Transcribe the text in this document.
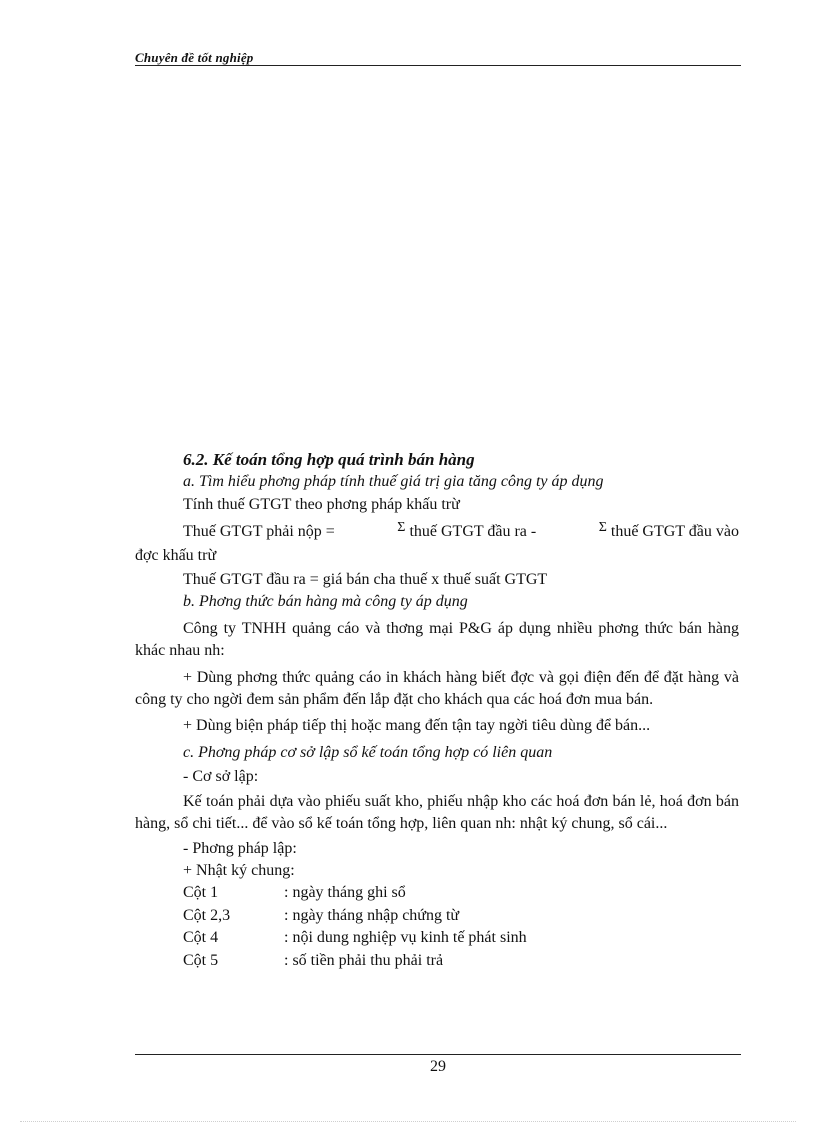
Chuyên đề tốt nghiệp

6.2. Kế toán tổng hợp quá trình bán hàng

a. Tìm hiểu phơng pháp tính thuế giá trị gia tăng công ty áp dụng

Tính thuế GTGT theo phơng pháp khấu trừ

Thuế GTGT phải nộp =	Σ thuế GTGT đầu ra -	Σ thuế GTGT đầu vào

đợc khấu trừ

Thuế GTGT đầu ra = giá bán cha thuế x thuế suất GTGT

b. Phơng thức bán hàng mà công ty áp dụng

Công ty TNHH quảng cáo và thơng mại P&G áp dụng nhiều phơng thức bán hàng khác nhau nh:

+ Dùng phơng thức quảng cáo in khách hàng biết đợc và gọi điện đến để đặt hàng và công ty cho ngời đem sản phẩm đến lắp đặt cho khách qua các hoá đơn mua bán.

+ Dùng biện pháp tiếp thị hoặc mang đến tận tay ngời tiêu dùng để bán...

c. Phơng pháp cơ sở lập sổ kế toán tổng hợp có liên quan

- Cơ sở lập:

Kế toán phải dựa vào phiếu suất kho, phiếu nhập kho các hoá đơn bán lẻ, hoá đơn bán hàng, sổ chi tiết... để vào sổ kế toán tổng hợp, liên quan nh: nhật ký chung, sổ cái...

- Phơng pháp lập:

+ Nhật ký chung:

Cột 1	: ngày tháng ghi sổ
Cột 2,3	: ngày tháng nhập chứng từ
Cột 4	: nội dung nghiệp vụ kinh tế phát sinh
Cột 5	: số tiền phải thu phải trả
29
